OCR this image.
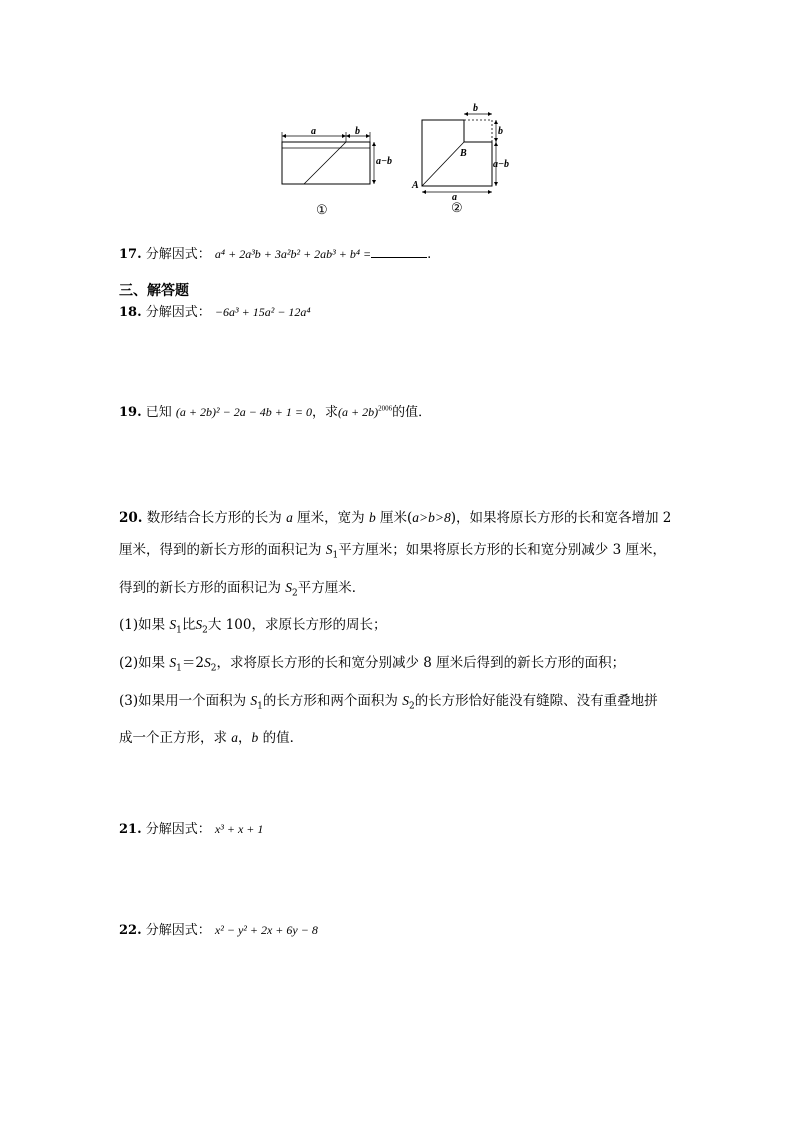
a	b
a−b
①
b
b
a−b
a
A
B
②
17. 分解因式： a⁴ + 2a³b + 3a²b² + 2ab³ + b⁴ =	.
三、解答题
18. 分解因式： −6a³ + 15a² − 12a⁴
19. 已知 (a + 2b)² − 2a − 4b + 1 = 0，求$(a + 2b)^{2006}$的值．
20. 数形结合长方形的长为 a 厘米，宽为 b 厘米(a>b>8)，如果将原长方形的长和宽各增加 2
厘米，得到的新长方形的面积记为 $S_1$平方厘米；如果将原长方形的长和宽分别减少 3 厘米，
得到的新长方形的面积记为 $S_2$平方厘米．
(1)如果 $S_1$比$S_2$大 100，求原长方形的周长；
(2)如果 $S_1=2S_2$，求将原长方形的长和宽分别减少 8 厘米后得到的新长方形的面积；
(3)如果用一个面积为 $S_1$的长方形和两个面积为 $S_2$的长方形恰好能没有缝隙、没有重叠地拼
成一个正方形，求 a，b 的值．
21. 分解因式： x³ + x + 1
22. 分解因式： x² − y² + 2x + 6y − 8
